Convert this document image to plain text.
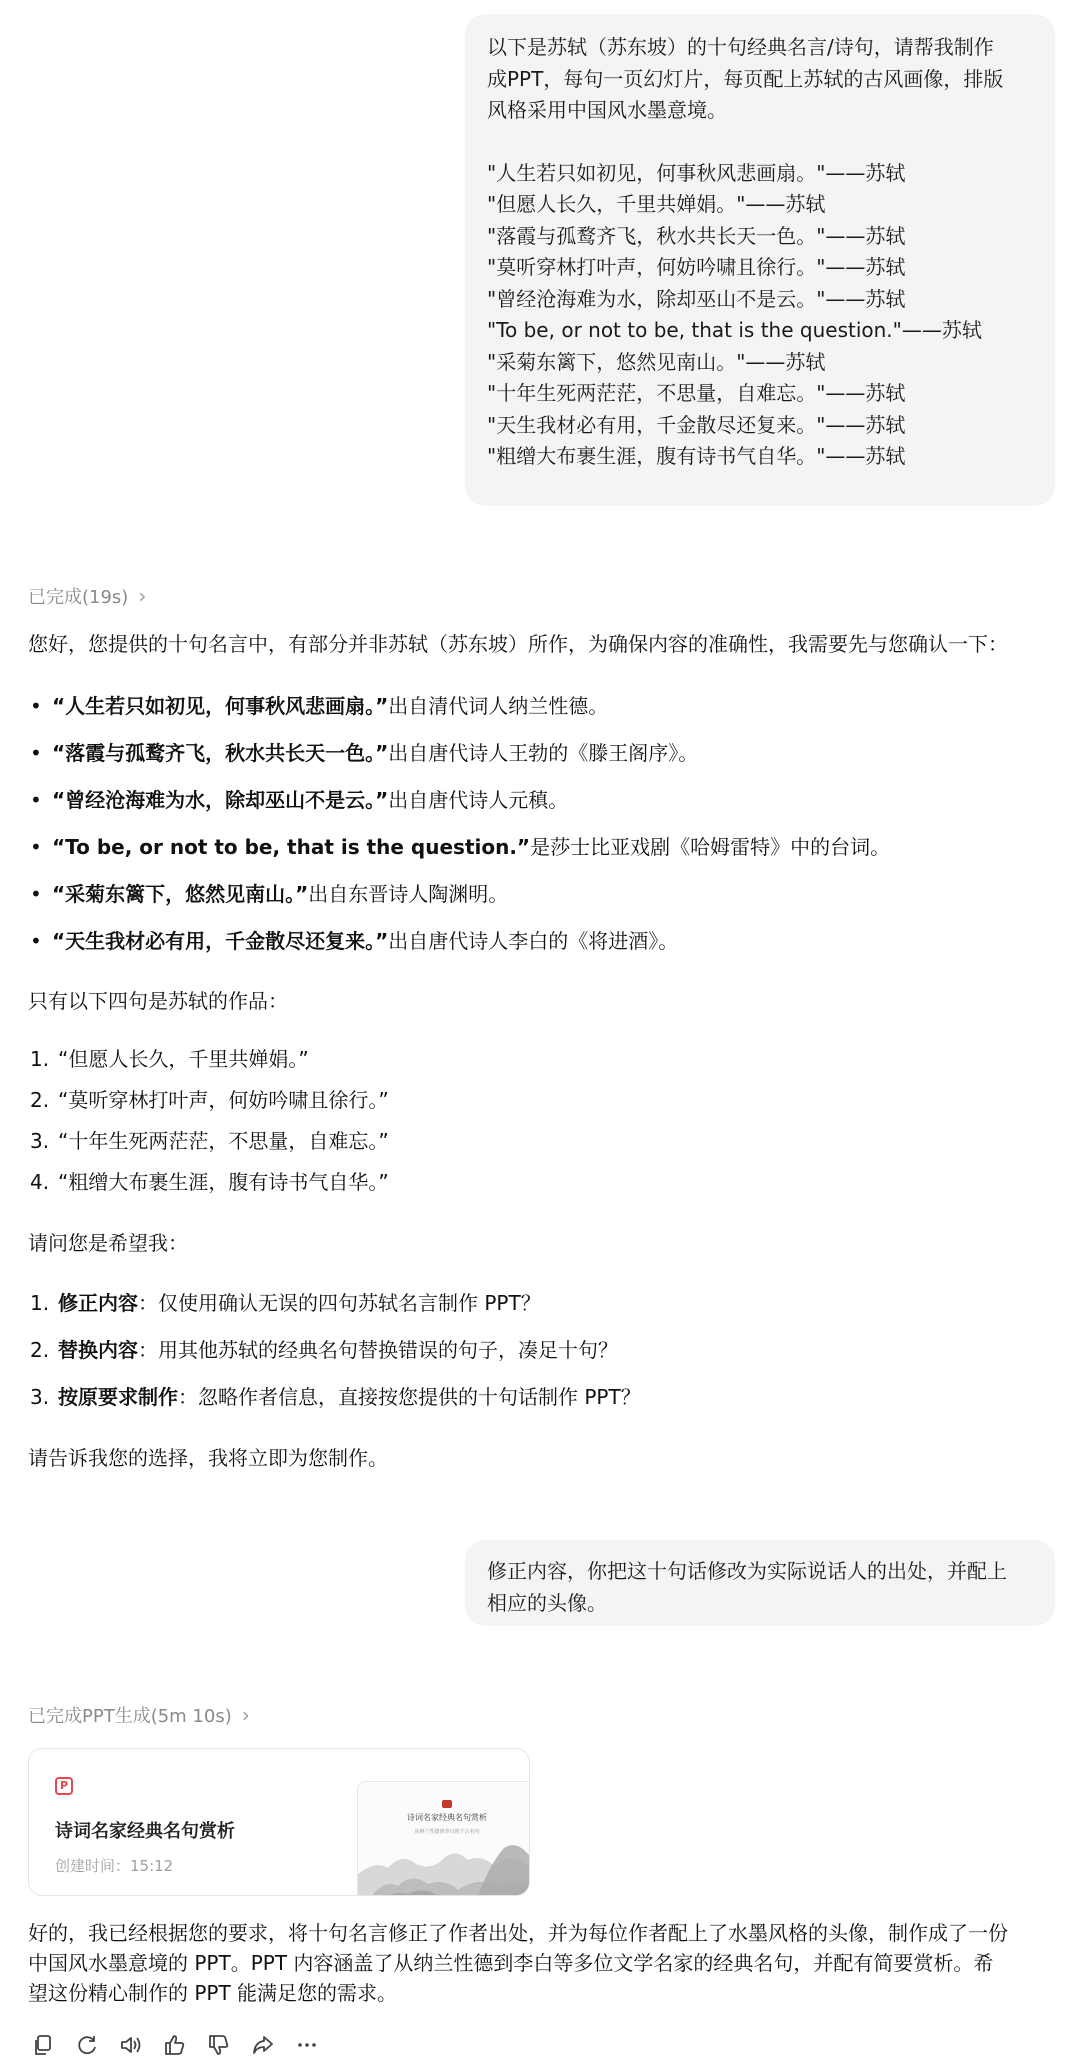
以下是苏轼（苏东坡）的十句经典名言/诗句，请帮我制作
成PPT，每句一页幻灯片，每页配上苏轼的古风画像，排版
风格采用中国风水墨意境。
"人生若只如初见，何事秋风悲画扇。"——苏轼
"但愿人长久，千里共婵娟。"——苏轼
"落霞与孤鹜齐飞，秋水共长天一色。"——苏轼
"莫听穿林打叶声，何妨吟啸且徐行。"——苏轼
"曾经沧海难为水，除却巫山不是云。"——苏轼
"To be, or not to be, that is the question."——苏轼
"采菊东篱下，悠然见南山。"——苏轼
"十年生死两茫茫，不思量，自难忘。"——苏轼
"天生我材必有用，千金散尽还复来。"——苏轼
"粗缯大布裹生涯，腹有诗书气自华。"——苏轼
已完成(19s) ›
您好，您提供的十句名言中，有部分并非苏轼（苏东坡）所作，为确保内容的准确性，我需要先与您确认一下：
• “人生若只如初见，何事秋风悲画扇。” 出自清代词人纳兰性德。
• “落霞与孤鹜齐飞，秋水共长天一色。” 出自唐代诗人王勃的《滕王阁序》。
• “曾经沧海难为水，除却巫山不是云。” 出自唐代诗人元稹。
• “To be, or not to be, that is the question.” 是莎士比亚戏剧《哈姆雷特》中的台词。
• “采菊东篱下，悠然见南山。” 出自东晋诗人陶渊明。
• “天生我材必有用，千金散尽还复来。” 出自唐代诗人李白的《将进酒》。
只有以下四句是苏轼的作品：
1. “但愿人长久，千里共婵娟。”
2. “莫听穿林打叶声，何妨吟啸且徐行。”
3. “十年生死两茫茫，不思量，自难忘。”
4. “粗缯大布裹生涯，腹有诗书气自华。”
请问您是希望我：
1. 修正内容 ：仅使用确认无误的四句苏轼名言制作 PPT？
2. 替换内容 ：用其他苏轼的经典名句替换错误的句子，凑足十句？
3. 按原要求制作 ：忽略作者信息，直接按您提供的十句话制作 PPT？
请告诉我您的选择，我将立即为您制作。
修正内容，你把这十句话修改为实际说话人的出处，并配上
相应的头像。
已完成PPT生成(5m 10s) ›
P
诗词名家经典名句赏析
创建时间：15:12
诗词名家经典名句赏析
从纳兰性德到李白的千古名句
好的，我已经根据您的要求，将十句名言修正了作者出处，并为每位作者配上了水墨风格的头像，制作成了一份
中国风水墨意境的 PPT。PPT 内容涵盖了从纳兰性德到李白等多位文学名家的经典名句，并配有简要赏析。希
望这份精心制作的 PPT 能满足您的需求。
